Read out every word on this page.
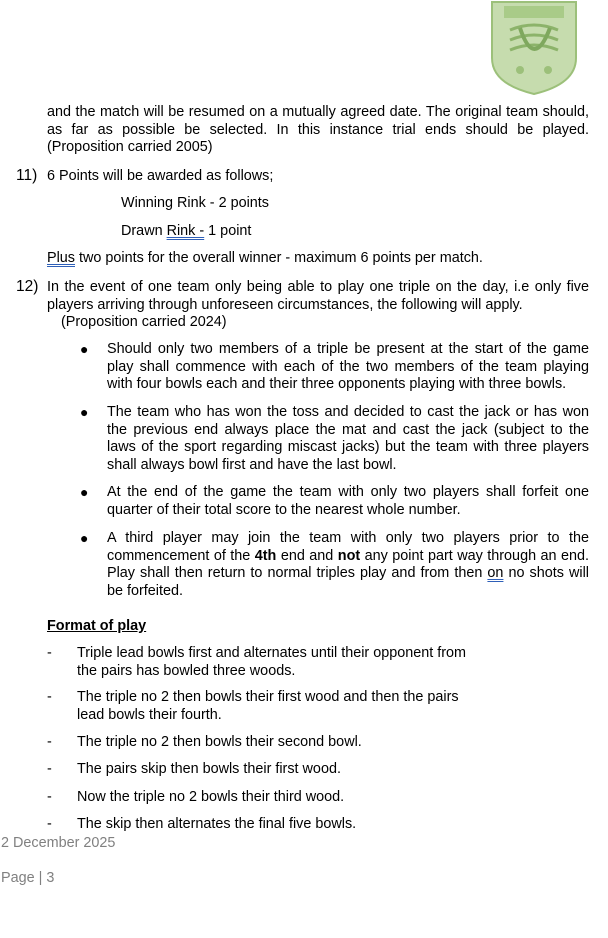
and the match will be resumed on a mutually agreed date. The original team should, as far as possible be selected. In this instance trial ends should be played. (Proposition carried 2005)
11) 6 Points will be awarded as follows;
Winning Rink - 2 points
Drawn Rink - 1 point
Plus two points for the overall winner - maximum 6 points per match.
12) In the event of one team only being able to play one triple on the day, i.e only five players arriving through unforeseen circumstances, the following will apply.
(Proposition carried 2024)
● Should only two members of a triple be present at the start of the game play shall commence with each of the two members of the team playing with four bowls each and their three opponents playing with three bowls.
● The team who has won the toss and decided to cast the jack or has won the previous end always place the mat and cast the jack (subject to the laws of the sport regarding miscast jacks) but the team with three players shall always bowl first and have the last bowl.
● At the end of the game the team with only two players shall forfeit one quarter of their total score to the nearest whole number.
● A third player may join the team with only two players prior to the commencement of the 4th end and not any point part way through an end. Play shall then return to normal triples play and from then on no shots will be forfeited.
Format of play
- Triple lead bowls first and alternates until their opponent from the pairs has bowled three woods.
- The triple no 2 then bowls their first wood and then the pairs lead bowls their fourth.
- The triple no 2 then bowls their second bowl.
- The pairs skip then bowls their first wood.
- Now the triple no 2 bowls their third wood.
- The skip then alternates the final five bowls.
2 December 2025
Page | 3
